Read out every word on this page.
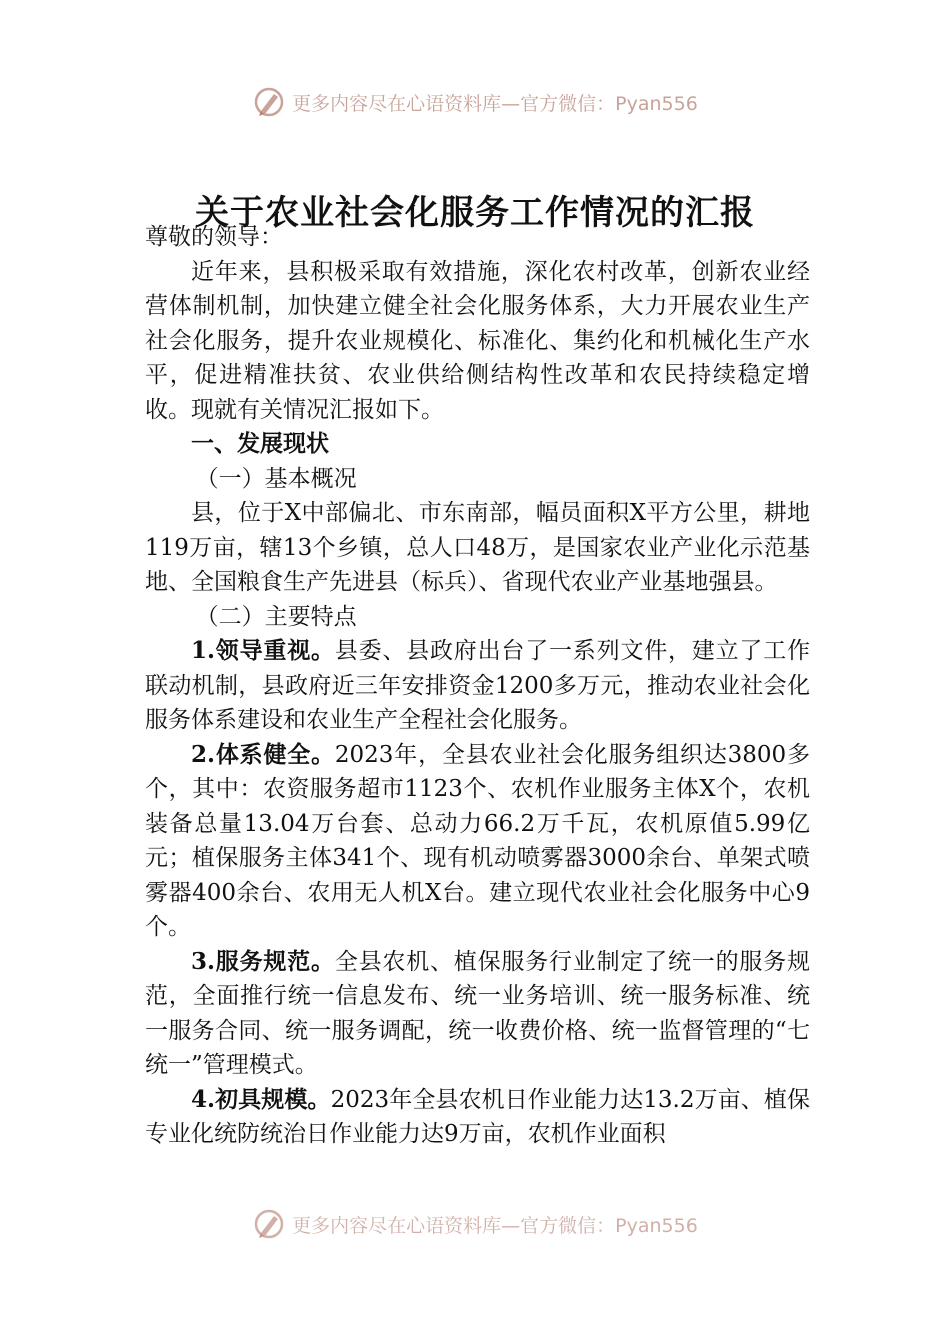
更多内容尽在心语资料库—官方微信：Pyan556
关于农业社会化服务工作情况的汇报

尊敬的领导：

近年来，县积极采取有效措施，深化农村改革，创新农业经营体制机制，加快建立健全社会化服务体系，大力开展农业生产社会化服务，提升农业规模化、标准化、集约化和机械化生产水平，促进精准扶贫、农业供给侧结构性改革和农民持续稳定增收。现就有关情况汇报如下。

一、发展现状

（一）基本概况

县，位于X中部偏北、市东南部，幅员面积X平方公里，耕地119万亩，辖13个乡镇，总人口48万，是国家农业产业化示范基地、全国粮食生产先进县（标兵）、省现代农业产业基地强县。

（二）主要特点

1.领导重视。县委、县政府出台了一系列文件，建立了工作联动机制，县政府近三年安排资金1200多万元，推动农业社会化服务体系建设和农业生产全程社会化服务。

2.体系健全。2023年，全县农业社会化服务组织达3800多个，其中：农资服务超市1123个、农机作业服务主体X个，农机装备总量13.04万台套、总动力66.2万千瓦，农机原值5.99亿元；植保服务主体341个、现有机动喷雾器3000余台、单架式喷雾器400余台、农用无人机X台。建立现代农业社会化服务中心9个。

3.服务规范。全县农机、植保服务行业制定了统一的服务规范，全面推行统一信息发布、统一业务培训、统一服务标准、统一服务合同、统一服务调配，统一收费价格、统一监督管理的“七统一”管理模式。

4.初具规模。2023年全县农机日作业能力达13.2万亩、植保专业化统防统治日作业能力达9万亩，农机作业面积

更多内容尽在心语资料库—官方微信：Pyan556
